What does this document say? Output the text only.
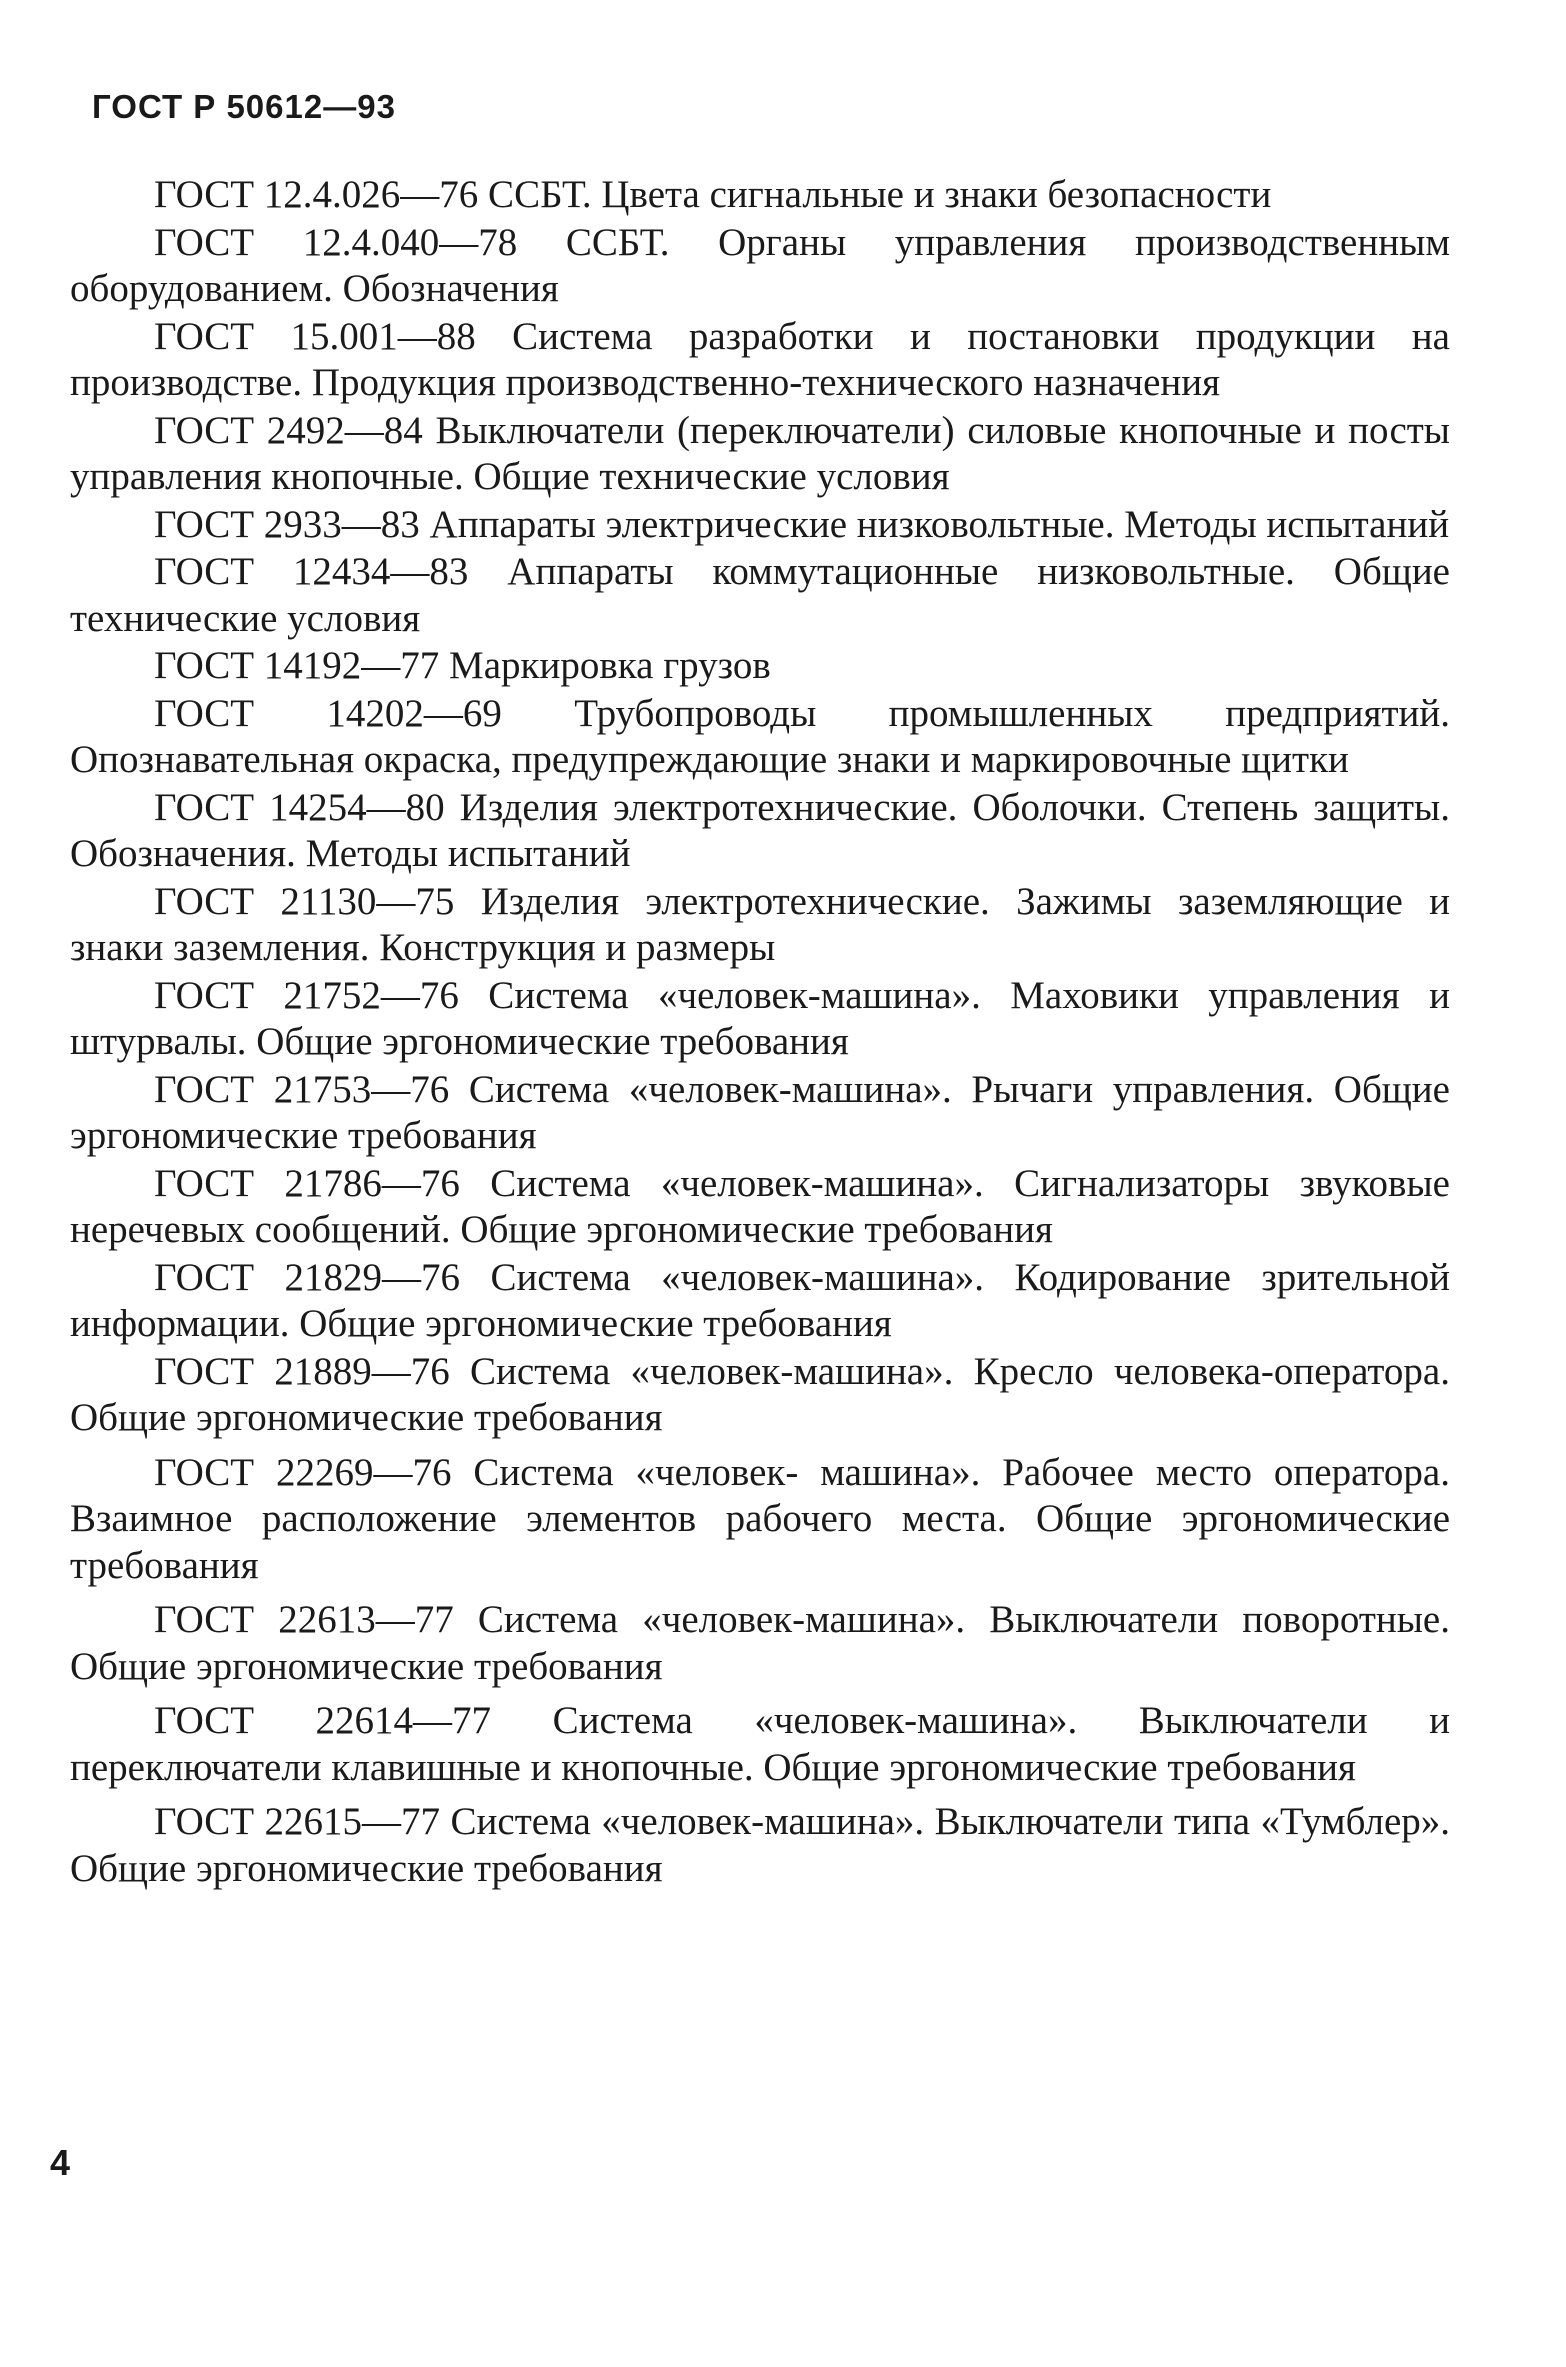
ГОСТ Р 50612—93

ГОСТ 12.4.026—76 ССБТ. Цвета сигнальные и знаки безопасности

ГОСТ 12.4.040—78 ССБТ. Органы управления производственным оборудованием. Обозначения

ГОСТ 15.001—88 Система разработки и постановки продукции на производстве. Продукция производственно-технического назначения

ГОСТ 2492—84 Выключатели (переключатели) силовые кнопочные и посты управления кнопочные. Общие технические условия

ГОСТ 2933—83 Аппараты электрические низковольтные. Методы испытаний

ГОСТ 12434—83 Аппараты коммутационные низковольтные. Общие технические условия

ГОСТ 14192—77 Маркировка грузов

ГОСТ 14202—69 Трубопроводы промышленных предприятий. Опознавательная окраска, предупреждающие знаки и маркировочные щитки

ГОСТ 14254—80 Изделия электротехнические. Оболочки. Степень защиты. Обозначения. Методы испытаний

ГОСТ 21130—75 Изделия электротехнические. Зажимы заземляющие и знаки заземления. Конструкция и размеры

ГОСТ 21752—76 Система «человек-машина». Маховики управления и штурвалы. Общие эргономические требования

ГОСТ 21753—76 Система «человек-машина». Рычаги управления. Общие эргономические требования

ГОСТ 21786—76 Система «человек-машина». Сигнализаторы звуковые неречевых сообщений. Общие эргономические требования

ГОСТ 21829—76 Система «человек-машина». Кодирование зрительной информации. Общие эргономические требования

ГОСТ 21889—76 Система «человек-машина». Кресло человека-оператора. Общие эргономические требования

ГОСТ 22269—76 Система «человек- машина». Рабочее место оператора. Взаимное расположение элементов рабочего места. Общие эргономические требования

ГОСТ 22613—77 Система «человек-машина». Выключатели поворотные. Общие эргономические требования

ГОСТ 22614—77 Система «человек-машина». Выключатели и переключатели клавишные и кнопочные. Общие эргономические требования

ГОСТ 22615—77 Система «человек-машина». Выключатели типа «Тумблер». Общие эргономические требования

4
